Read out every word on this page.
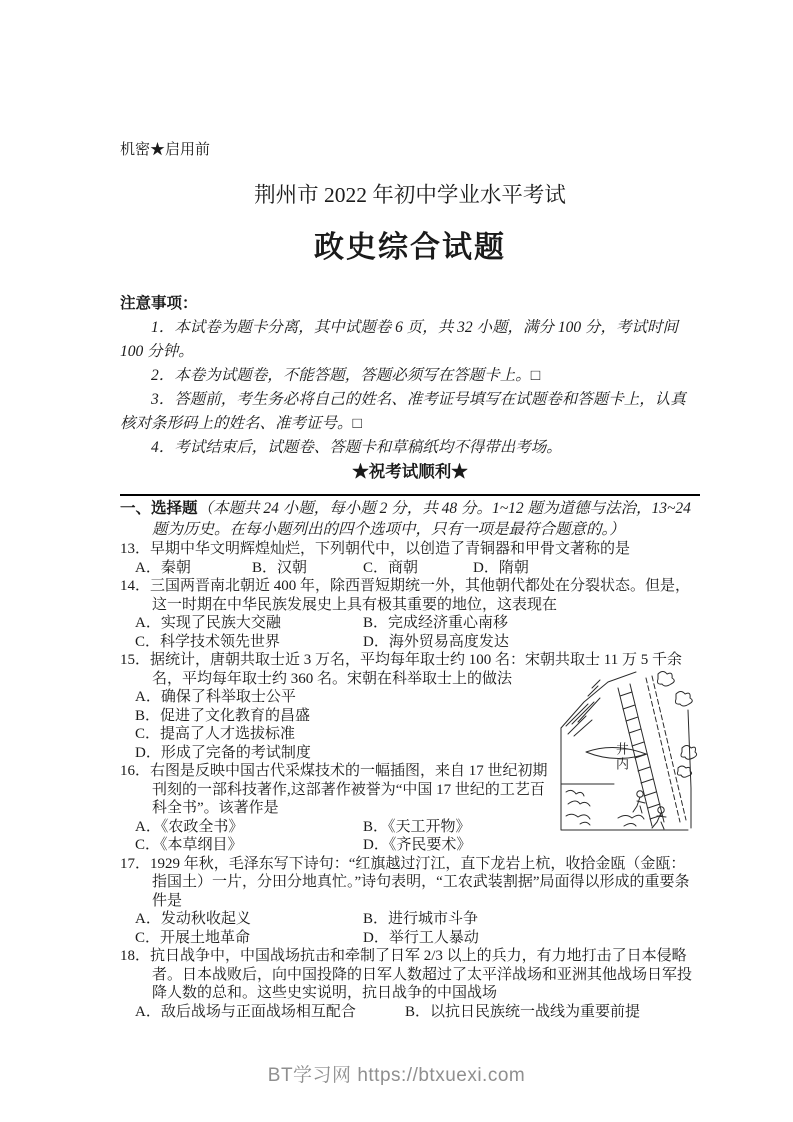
机密★启用前
荆州市 2022 年初中学业水平考试
政史综合试题
注意事项：

1．本试卷为题卡分离，其中试题卷 6 页，共 32 小题，满分 100 分，考试时间 100 分钟。

2．本卷为试题卷，不能答题，答题必须写在答题卡上。□

3．答题前，考生务必将自己的姓名、准考证号填写在试题卷和答题卡上，认真核对条形码上的姓名、准考证号。□

4．考试结束后，试题卷、答题卡和草稿纸均不得带出考场。

★祝考试顺利★

一、选择题（本题共 24 小题，每小题 2 分，共 48 分。1~12 题为道德与法治，13~24 题为历史。在每小题列出的四个选项中，只有一项是最符合题意的。）

13．早期中华文明辉煌灿烂，下列朝代中，以创造了青铜器和甲骨文著称的是

A．秦朝	B．汉朝	C．商朝	D．隋朝

14．三国两晋南北朝近 400 年，除西晋短期统一外，其他朝代都处在分裂状态。但是，这一时期在中华民族发展史上具有极其重要的地位，这表现在

A．实现了民族大交融	B．完成经济重心南移
C．科学技术领先世界	D．海外贸易高度发达

15．据统计，唐朝共取士近 3 万名，平均每年取士约 100 名：宋朝共取士 11 万 5 千余名，平均每年取士约 360 名。宋朝在科举取士上的做法

井内
A．确保了科举取士公平
B．促进了文化教育的昌盛
C．提高了人才选拔标准
D．形成了完备的考试制度

16．右图是反映中国古代采煤技术的一幅插图，来自 17 世纪初期刊刻的一部科技著作,这部著作被誉为“中国 17 世纪的工艺百科全书”。该著作是

A．《农政全书》	B．《天工开物》
C．《本草纲目》	D．《齐民要术》

17．1929 年秋，毛泽东写下诗句：“红旗越过汀江，直下龙岩上杭，收拾金瓯（金瓯：指国土）一片，分田分地真忙。”诗句表明，“工农武装割据”局面得以形成的重要条件是

A．发动秋收起义	B．进行城市斗争
C．开展土地革命	D．举行工人暴动

18．抗日战争中，中国战场抗击和牵制了日军 2/3 以上的兵力，有力地打击了日本侵略者。日本战败后，向中国投降的日军人数超过了太平洋战场和亚洲其他战场日军投降人数的总和。这些史实说明，抗日战争的中国战场

A．敌后战场与正面战场相互配合	B．以抗日民族统一战线为重要前提
BT学习网 https://btxuexi.com
